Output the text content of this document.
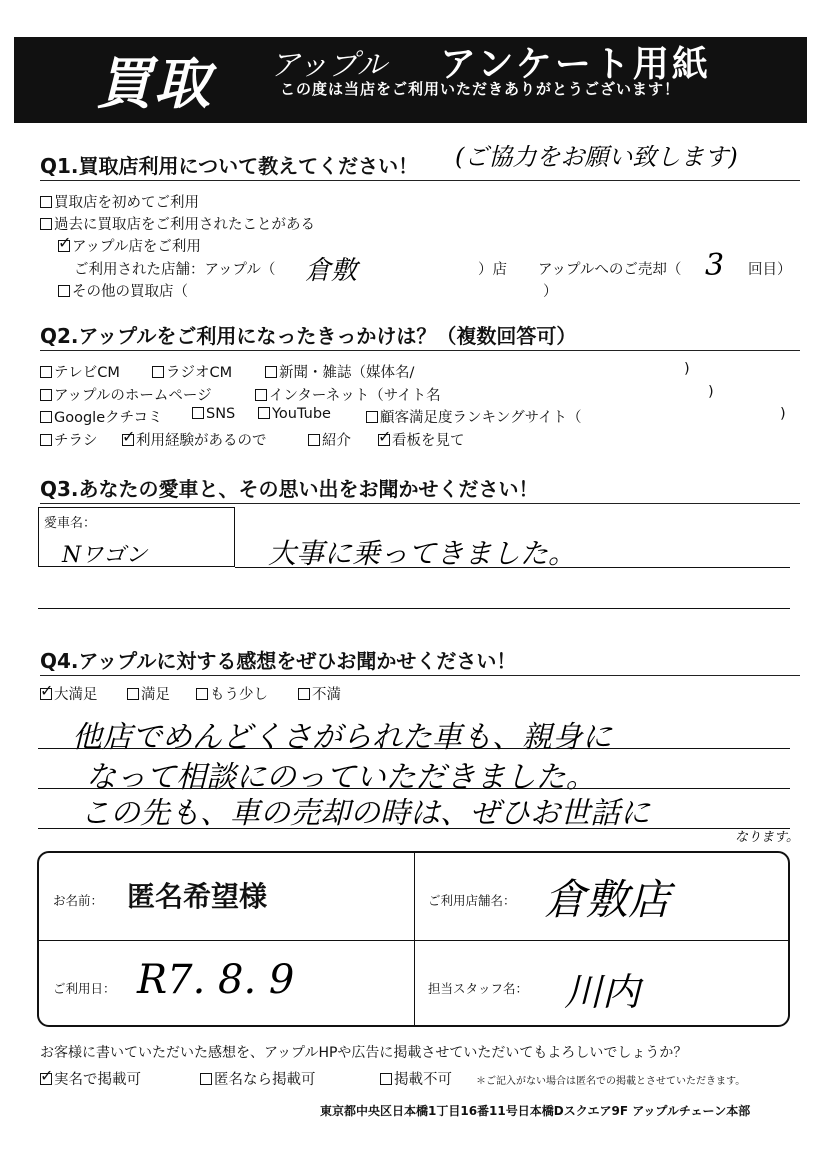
買取 アップル アンケート用紙
この度は当店をご利用いただきありがとうございます！
Q1.買取店利用について教えてください！ (ご協力をお願い致します)
買取店を初めてご利用
過去に買取店をご利用されたことがある
✓アップル店をご利用
ご利用された店舗：アップル（ 倉敷	）店 アップルへのご売却（ 3 回目）
その他の買取店（	）
Q2.アップルをご利用になったきっかけは？（複数回答可）
テレビCM	ラジオCM	新聞・雑誌（媒体名/	)
アップルのホームページ	インターネット（サイト名	)
Googleクチコミ	SNS	YouTube	顧客満足度ランキングサイト（	)
チラシ ✓	利用経験があるので	紹介 ✓	看板を見て
Q3.あなたの愛車と、その思い出をお聞かせください！
愛車名：
Nワゴン	大事に乗ってきました。
Q4.アップルに対する感想をぜひお聞かせください！
✓大満足	満足	もう少し	不満
他店でめんどくさがられた車も、親身に
なって相談にのっていただきました。
この先も、車の売却の時は、ぜひお世話に
なります。
お名前： 匿名希望様	ご利用店舗名： 倉敷店
ご利用日： R7. 8. 9	担当スタッフ名： 川内
お客様に書いていただいた感想を、アップルHPや広告に掲載させていただいてもよろしいでしょうか？
✓実名で掲載可	匿名なら掲載可	掲載不可 ＊ご記入がない場合は匿名での掲載とさせていただきます。
東京都中央区日本橋1丁目16番11号日本橋Dスクエア9F アップルチェーン本部
